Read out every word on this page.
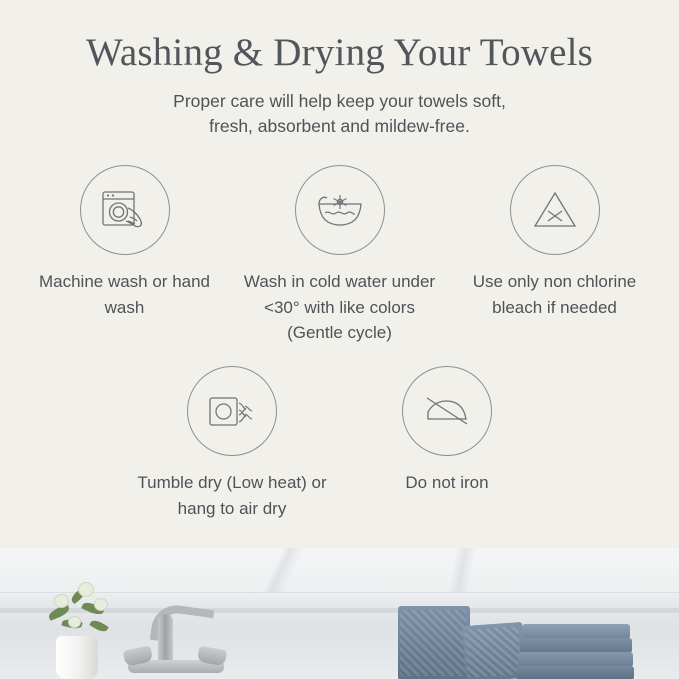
Washing & Drying Your Towels
Proper care will help keep your towels soft,
fresh, absorbent and mildew-free.
Machine wash or hand wash
Wash in cold water under <30° with like colors (Gentle cycle)
Use only non chlorine bleach if needed
Tumble dry (Low heat) or hang to air dry
Do not iron
